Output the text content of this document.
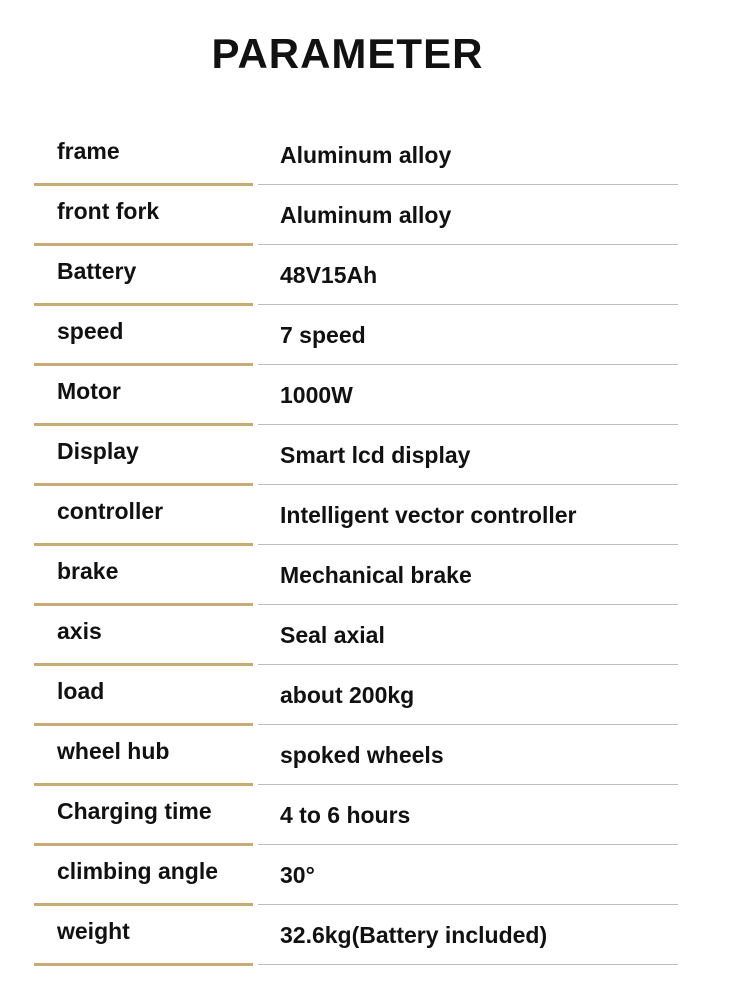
PARAMETER
frame	Aluminum alloy
front fork	Aluminum alloy
Battery	48V15Ah
speed	7 speed
Motor	1000W
Display	Smart lcd display
controller	Intelligent vector controller
brake	Mechanical brake
axis	Seal axial
load	about 200kg
wheel hub	spoked wheels
Charging time	4 to 6 hours
climbing angle	30°
weight	32.6kg(Battery included)
